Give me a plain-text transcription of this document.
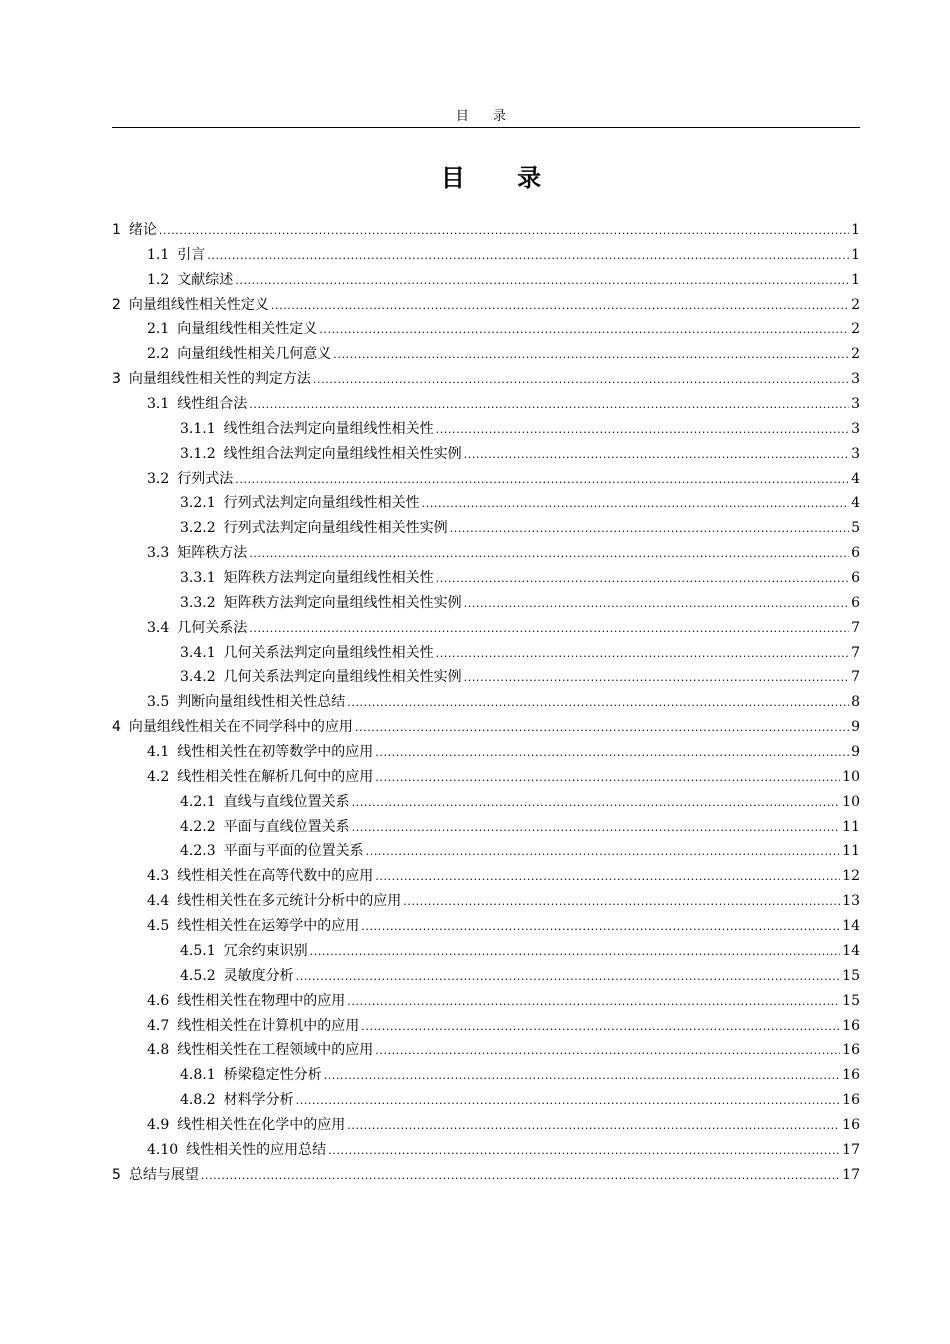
目 录
目 录
1 绪论 .....	1
1.1 引言 .....	1
1.2 文献综述 .....	1
2 向量组线性相关性定义 .....	2
2.1 向量组线性相关性定义 .....	2
2.2 向量组线性相关几何意义 .....	2
3 向量组线性相关性的判定方法 .....	3
3.1 线性组合法 .....	3
3.1.1 线性组合法判定向量组线性相关性 .....	3
3.1.2 线性组合法判定向量组线性相关性实例 .....	3
3.2 行列式法 .....	4
3.2.1 行列式法判定向量组线性相关性 .....	4
3.2.2 行列式法判定向量组线性相关性实例 .....	5
3.3 矩阵秩方法 .....	6
3.3.1 矩阵秩方法判定向量组线性相关性 .....	6
3.3.2 矩阵秩方法判定向量组线性相关性实例 .....	6
3.4 几何关系法 .....	7
3.4.1 几何关系法判定向量组线性相关性 .....	7
3.4.2 几何关系法判定向量组线性相关性实例 .....	7
3.5 判断向量组线性相关性总结 .....	8
4 向量组线性相关在不同学科中的应用 .....	9
4.1 线性相关性在初等数学中的应用 .....	9
4.2 线性相关性在解析几何中的应用 .....	10
4.2.1 直线与直线位置关系 .....	10
4.2.2 平面与直线位置关系 .....	11
4.2.3 平面与平面的位置关系 .....	11
4.3 线性相关性在高等代数中的应用 .....	12
4.4 线性相关性在多元统计分析中的应用 .....	13
4.5 线性相关性在运筹学中的应用 .....	14
4.5.1 冗余约束识别 .....	14
4.5.2 灵敏度分析 .....	15
4.6 线性相关性在物理中的应用 .....	15
4.7 线性相关性在计算机中的应用 .....	16
4.8 线性相关性在工程领域中的应用 .....	16
4.8.1 桥梁稳定性分析 .....	16
4.8.2 材料学分析 .....	16
4.9 线性相关性在化学中的应用 .....	16
4.10 线性相关性的应用总结 .....	17
5 总结与展望 .....	17
